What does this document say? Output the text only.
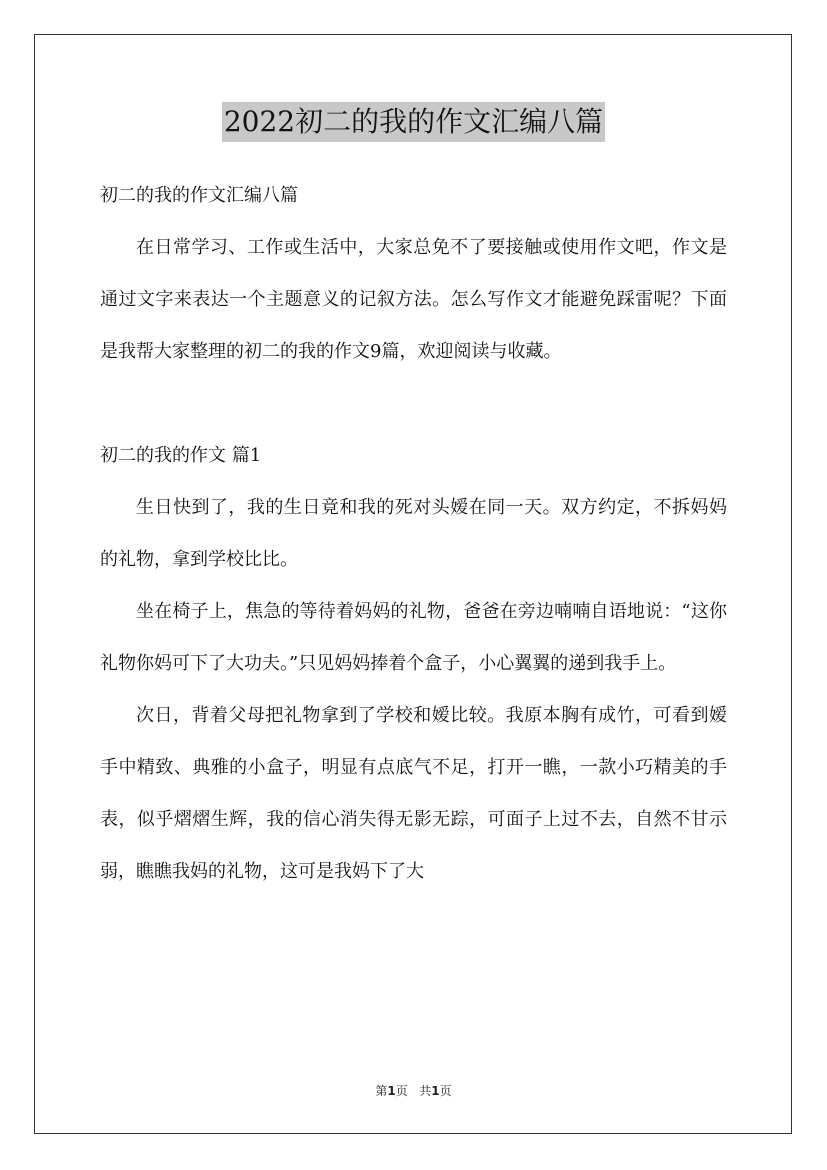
2022初二的我的作文汇编八篇

初二的我的作文汇编八篇

在日常学习、工作或生活中，大家总免不了要接触或使用作文吧，作文是通过文字来表达一个主题意义的记叙方法。怎么写作文才能避免踩雷呢？下面是我帮大家整理的初二的我的作文9篇，欢迎阅读与收藏。

初二的我的作文 篇1

生日快到了，我的生日竟和我的死对头嫒在同一天。双方约定，不拆妈妈的礼物，拿到学校比比。

坐在椅子上，焦急的等待着妈妈的礼物，爸爸在旁边喃喃自语地说：“这你礼物你妈可下了大功夫。”只见妈妈捧着个盒子，小心翼翼的递到我手上。

次日，背着父母把礼物拿到了学校和嫒比较。我原本胸有成竹，可看到嫒手中精致、典雅的小盒子，明显有点底气不足，打开一瞧，一款小巧精美的手表，似乎熠熠生辉，我的信心消失得无影无踪，可面子上过不去，自然不甘示弱，瞧瞧我妈的礼物，这可是我妈下了大

第1页 共1页
